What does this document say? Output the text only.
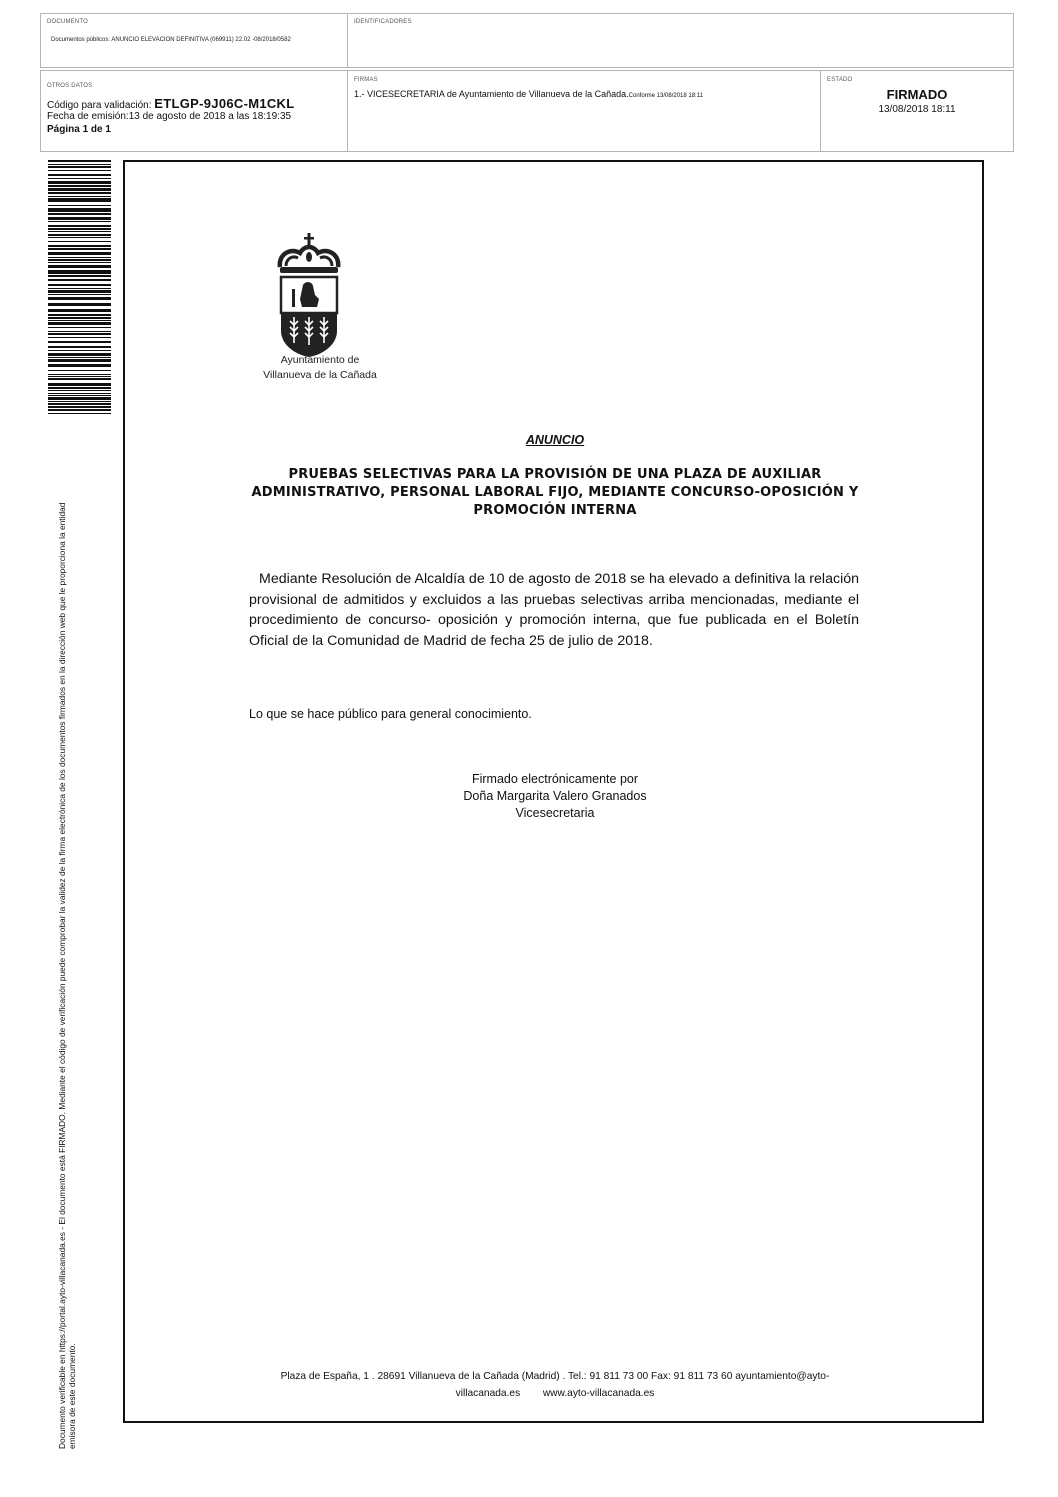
DOCUMENTO
Documentos públicos: ANUNCIO ELEVACION DEFINITIVA (069911) 22.02 -08/2018/0582
IDENTIFICADORES
OTROS DATOS
Código para validación: ETLGP-9J06C-M1CKL
Fecha de emisión:13 de agosto de 2018 a las 18:19:35
Página 1 de 1
FIRMAS
1.- VICESECRETARIA de Ayuntamiento de Villanueva de la Cañada.Conforme 13/08/2018 18:11
ESTADO
FIRMADO
13/08/2018 18:11
Documento verificable en https://portal.ayto-villacanada.es - El documento está FIRMADO. Mediante el código de verificación puede comprobar la validez de la firma electrónica de los documentos firmados en la dirección web que le proporciona la entidad emisora de este documento.
Ayuntamiento de
Villanueva de la Cañada
ANUNCIO
PRUEBAS SELECTIVAS PARA LA PROVISIÓN DE UNA PLAZA DE AUXILIAR ADMINISTRATIVO, PERSONAL LABORAL FIJO, MEDIANTE CONCURSO-OPOSICIÓN Y PROMOCIÓN INTERNA
Mediante Resolución de Alcaldía de 10 de agosto de 2018 se ha elevado a definitiva la relación provisional de admitidos y excluidos a las pruebas selectivas arriba mencionadas, mediante el procedimiento de concurso- oposición y promoción interna, que fue publicada en el Boletín Oficial de la Comunidad de Madrid de fecha 25 de julio de 2018.
Lo que se hace público para general conocimiento.
Firmado electrónicamente por
Doña Margarita Valero Granados
Vicesecretaria
Plaza de España, 1 . 28691 Villanueva de la Cañada (Madrid) . Tel.: 91 811 73 00 Fax: 91 811 73 60 ayuntamiento@ayto-
villacanada.es        www.ayto-villacanada.es
